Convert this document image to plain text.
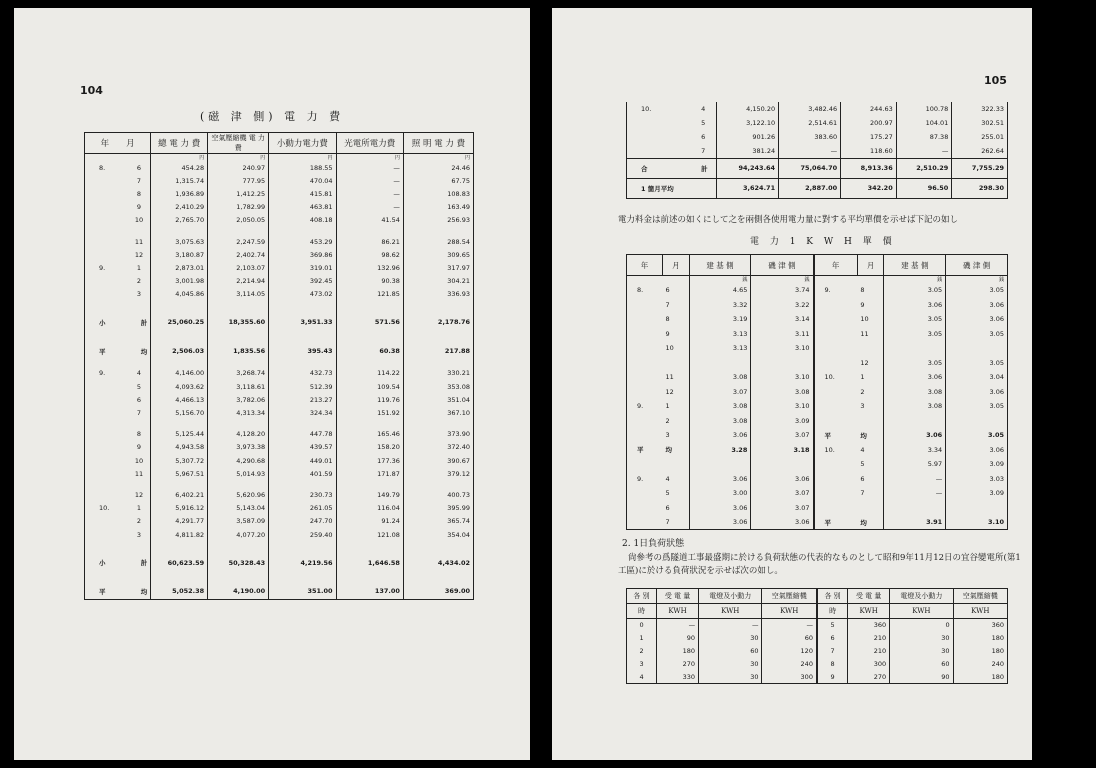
104
(磁 津 側) 電 力 費
年　　 月		總 電 力 費	空氣壓縮機 電 力 費	小動力電力費	光電所電力費	照 明 電 力 費
		円	円	円	円	円
8.	6	454.28	240.97	188.55	—	24.46
	7	1,315.74	777.95	470.04	—	67.75
	8	1,936.89	1,412.25	415.81	—	108.83
	9	2,410.29	1,782.99	463.81	—	163.49
	10	2,765.70	2,050.05	408.18	41.54	256.93

	11	3,075.63	2,247.59	453.29	86.21	288.54
	12	3,180.87	2,402.74	369.86	98.62	309.65
9.	1	2,873.01	2,103.07	319.01	132.96	317.97
	2	3,001.98	2,214.94	392.45	90.38	304.21
	3	4,045.86	3,114.05	473.02	121.85	336.93

小	計	25,060.25	18,355.60	3,951.33	571.56	2,178.76

平	均	2,506.03	1,835.56	395.43	60.38	217.88

9.	4	4,146.00	3,268.74	432.73	114.22	330.21
	5	4,093.62	3,118.61	512.39	109.54	353.08
	6	4,466.13	3,782.06	213.27	119.76	351.04
	7	5,156.70	4,313.34	324.34	151.92	367.10

	8	5,125.44	4,128.20	447.78	165.46	373.90
	9	4,943.58	3,973.38	439.57	158.20	372.40
	10	5,307.72	4,290.68	449.01	177.36	390.67
	11	5,967.51	5,014.93	401.59	171.87	379.12

	12	6,402.21	5,620.96	230.73	149.79	400.73
10.	1	5,916.12	5,143.04	261.05	116.04	395.99
	2	4,291.77	3,587.09	247.70	91.24	365.74
	3	4,811.82	4,077.20	259.40	121.08	354.04

小	計	60,623.59	50,328.43	4,219.56	1,646.58	4,434.02

平	均	5,052.38	4,190.00	351.00	137.00	369.00
105
10.	4	4,150.20	3,482.46	244.63	100.78	322.33
	5	3,122.10	2,514.61	200.97	104.01	302.51
	6	901.26	383.60	175.27	87.38	255.01
	7	381.24	—	118.60	—	262.64
合	計	94,243.64	75,064.70	8,913.36	2,510.29	7,755.29
1 箇月平均		3,624.71	2,887.00	342.20	96.50	298.30
電力料金は前述の如くにして之を兩側各使用電力量に對する平均單價を示せば下記の如し
電 力 1 K W H 單 價
年	月	建 基 側	磯 津 側	年	月	建 基 側	磯 津 側
		銭	銭			銭	銭
8.	6	4.65	3.74	9.	8	3.05	3.05
	7	3.32	3.22		9	3.06	3.06
	8	3.19	3.14		10	3.05	3.06
	9	3.13	3.11		11	3.05	3.05
	10	3.13	3.10				
					12	3.05	3.05
	11	3.08	3.10	10.	1	3.06	3.04
	12	3.07	3.08		2	3.08	3.06
9.	1	3.08	3.10		3	3.08	3.05
	2	3.08	3.09				
	3	3.06	3.07	平	均	3.06	3.05
平	均	3.28	3.18	10.	4	3.34	3.06
					5	5.97	3.09
9.	4	3.06	3.06		6	—	3.03
	5	3.00	3.07		7	—	3.09
	6	3.06	3.07				
	7	3.06	3.06	平	均	3.91	3.10
2. 1日負荷狀態
尙參考の爲隧道工事最盛期に於ける負荷狀態の代表的なものとして昭和9年11月12日の宜谷變電所(第1工區)に於ける負荷狀況を示せば次の如し。
各 別	受 電 量	電燈及小動力	空氣壓縮機	各 別	受 電 量	電燈及小動力	空氣壓縮機
時	KWH	KWH	KWH	時	KWH	KWH	KWH
0	—	—	—	5	360	0	360
1	90	30	60	6	210	30	180
2	180	60	120	7	210	30	180
3	270	30	240	8	300	60	240
4	330	30	300	9	270	90	180
